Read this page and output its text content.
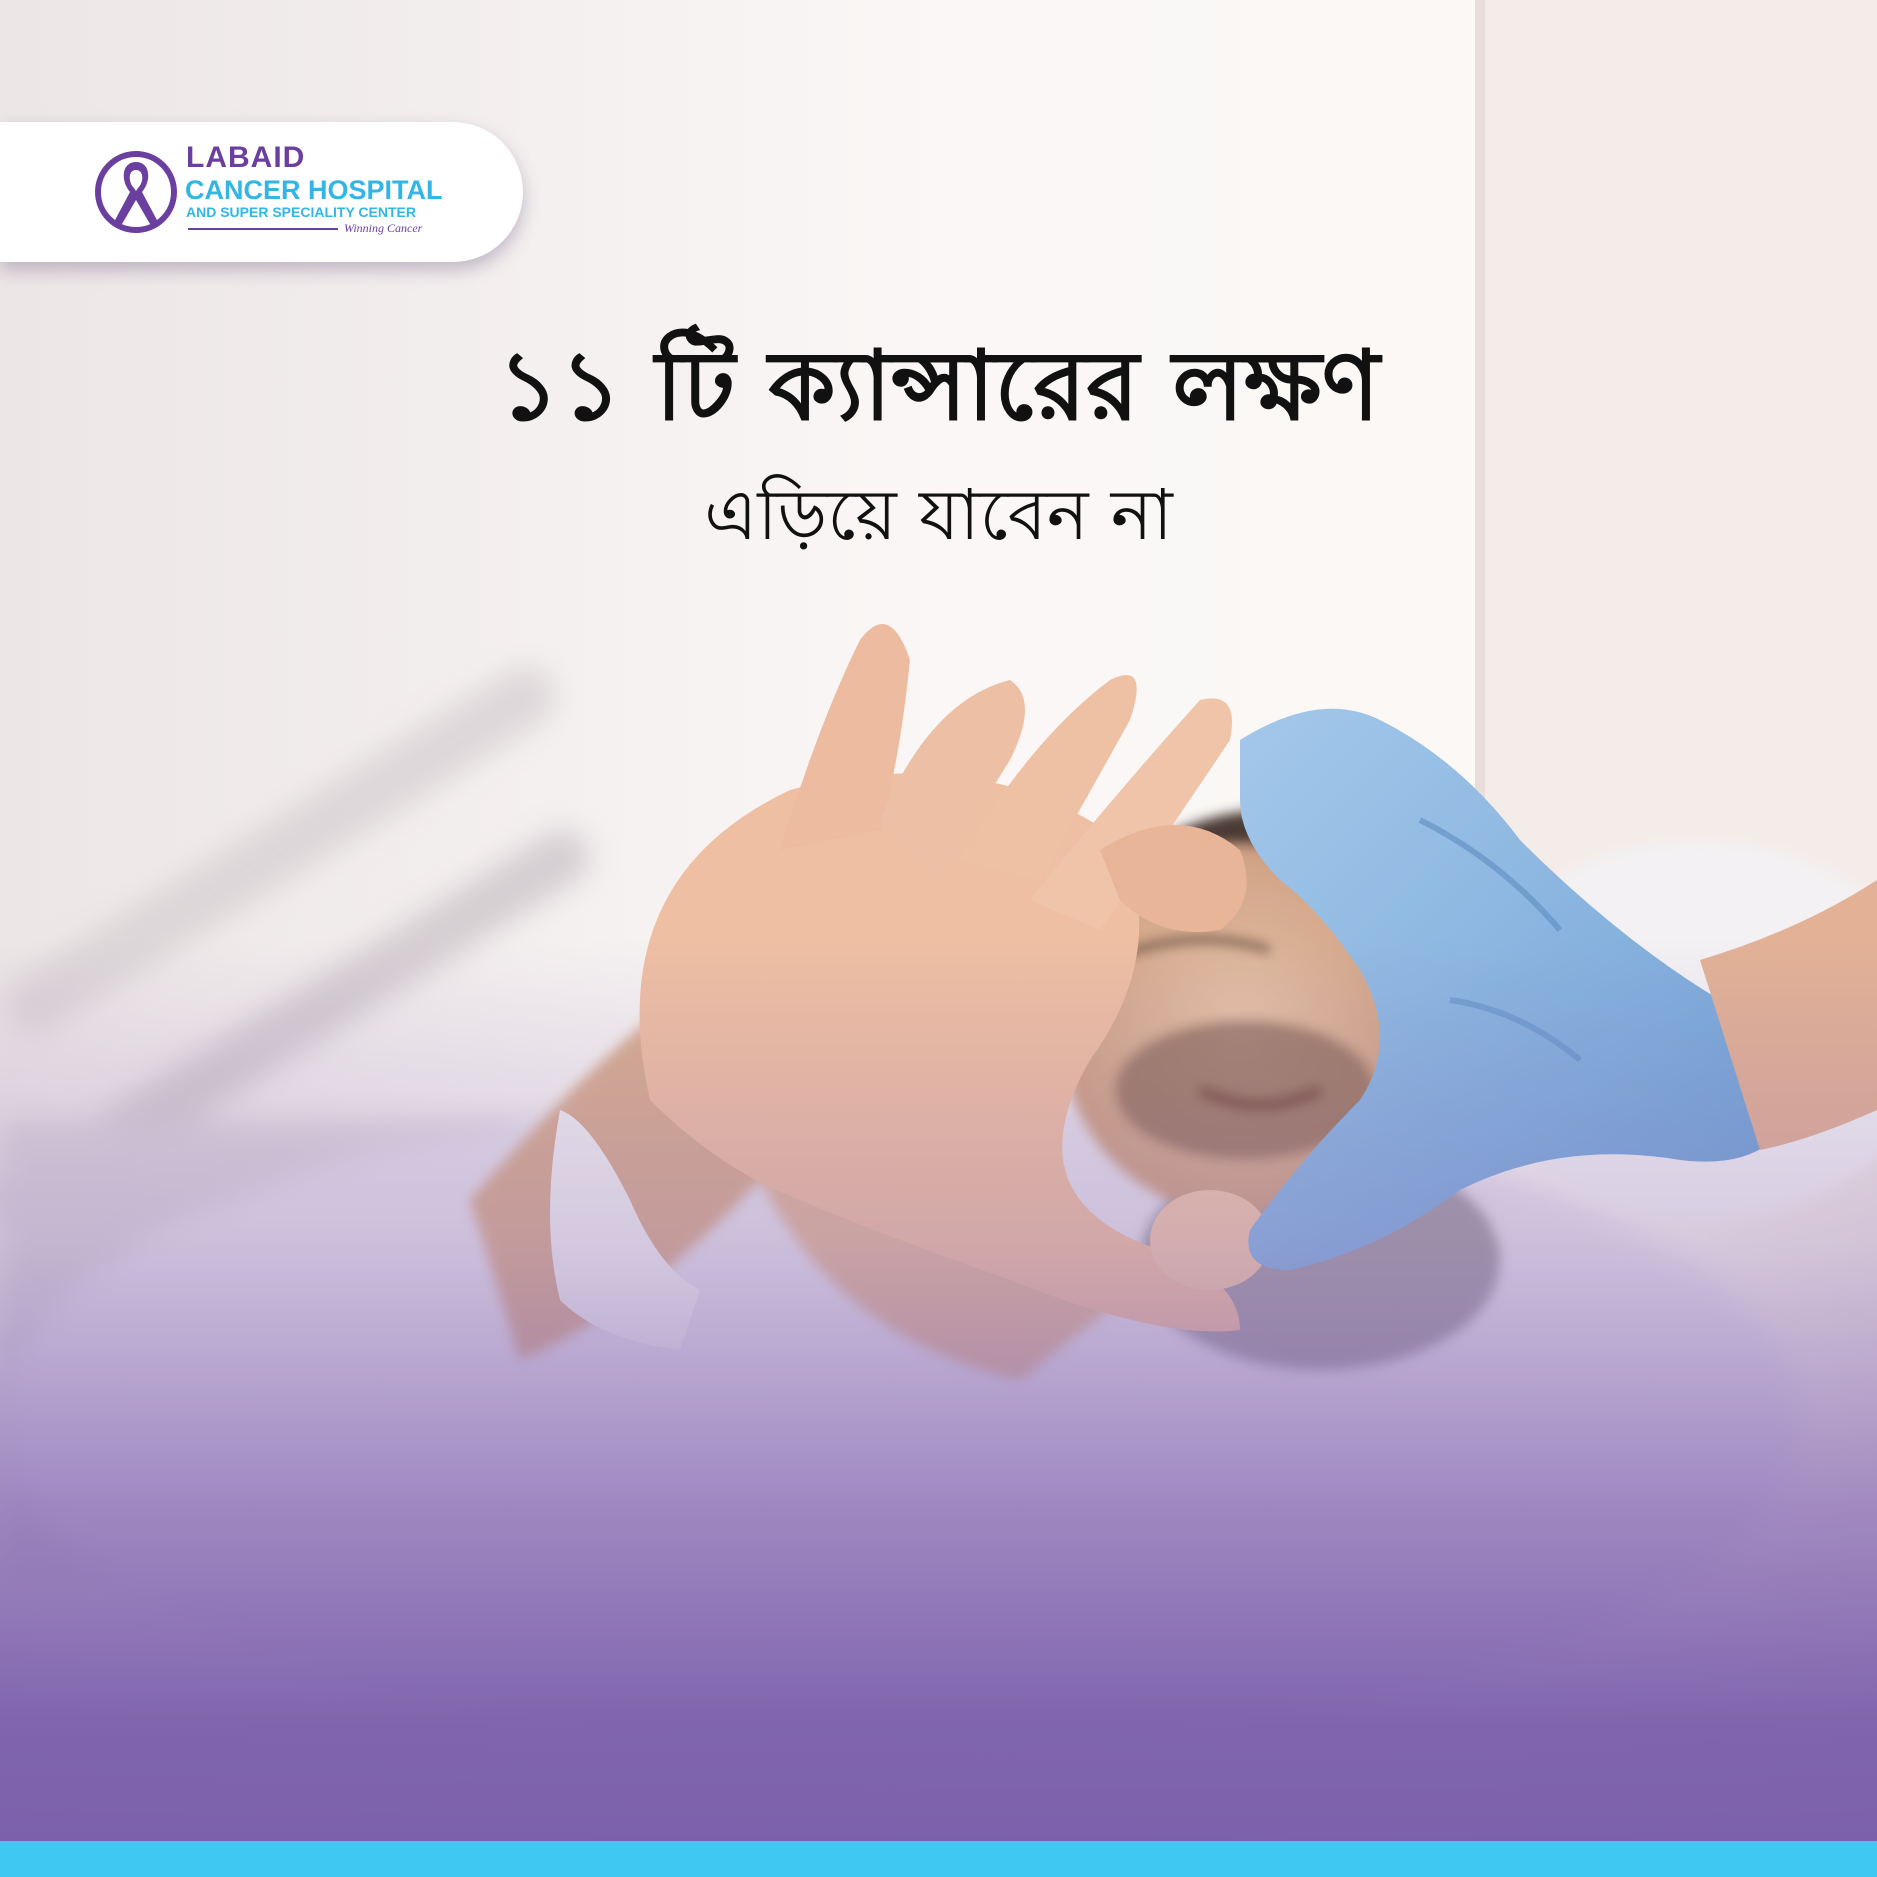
LABAID
CANCER HOSPITAL
AND SUPER SPECIALITY CENTER
Winning Cancer
১১ টি ক্যান্সারের লক্ষণ
এড়িয়ে যাবেন না
